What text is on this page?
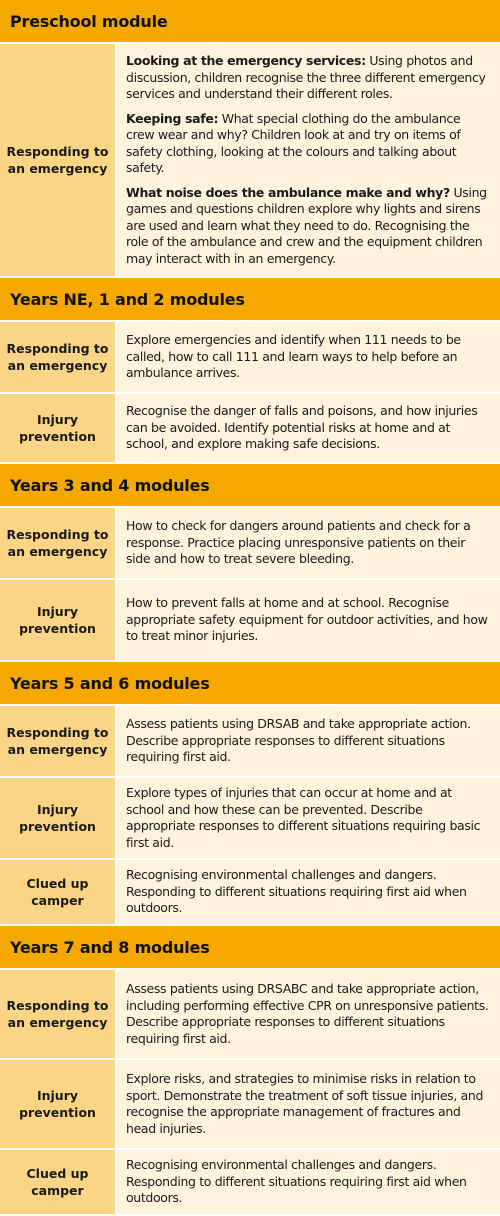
Preschool module
Responding to an emergency

Looking at the emergency services: Using photos and discussion, children recognise the three different emergency services and understand their different roles.

Keeping safe: What special clothing do the ambulance crew wear and why? Children look at and try on items of safety clothing, looking at the colours and talking about safety.

What noise does the ambulance make and why? Using games and questions children explore why lights and sirens are used and learn what they need to do. Recognising the role of the ambulance and crew and the equipment children may interact with in an emergency.

Years NE, 1 and 2 modules
Responding to an emergency

Explore emergencies and identify when 111 needs to be called, how to call 111 and learn ways to help before an ambulance arrives.

Injury prevention

Recognise the danger of falls and poisons, and how injuries can be avoided. Identify potential risks at home and at school, and explore making safe decisions.

Years 3 and 4 modules
Responding to an emergency

How to check for dangers around patients and check for a response. Practice placing unresponsive patients on their side and how to treat severe bleeding.

Injury prevention

How to prevent falls at home and at school. Recognise appropriate safety equipment for outdoor activities, and how to treat minor injuries.

Years 5 and 6 modules
Responding to an emergency

Assess patients using DRSAB and take appropriate action. Describe appropriate responses to different situations requiring first aid.

Injury prevention

Explore types of injuries that can occur at home and at school and how these can be prevented. Describe appropriate responses to different situations requiring basic first aid.

Clued up camper

Recognising environmental challenges and dangers. Responding to different situations requiring first aid when outdoors.

Years 7 and 8 modules
Responding to an emergency

Assess patients using DRSABC and take appropriate action, including performing effective CPR on unresponsive patients. Describe appropriate responses to different situations requiring first aid.

Injury prevention

Explore risks, and strategies to minimise risks in relation to sport. Demonstrate the treatment of soft tissue injuries, and recognise the appropriate management of fractures and head injuries.

Clued up camper

Recognising environmental challenges and dangers. Responding to different situations requiring first aid when outdoors.
